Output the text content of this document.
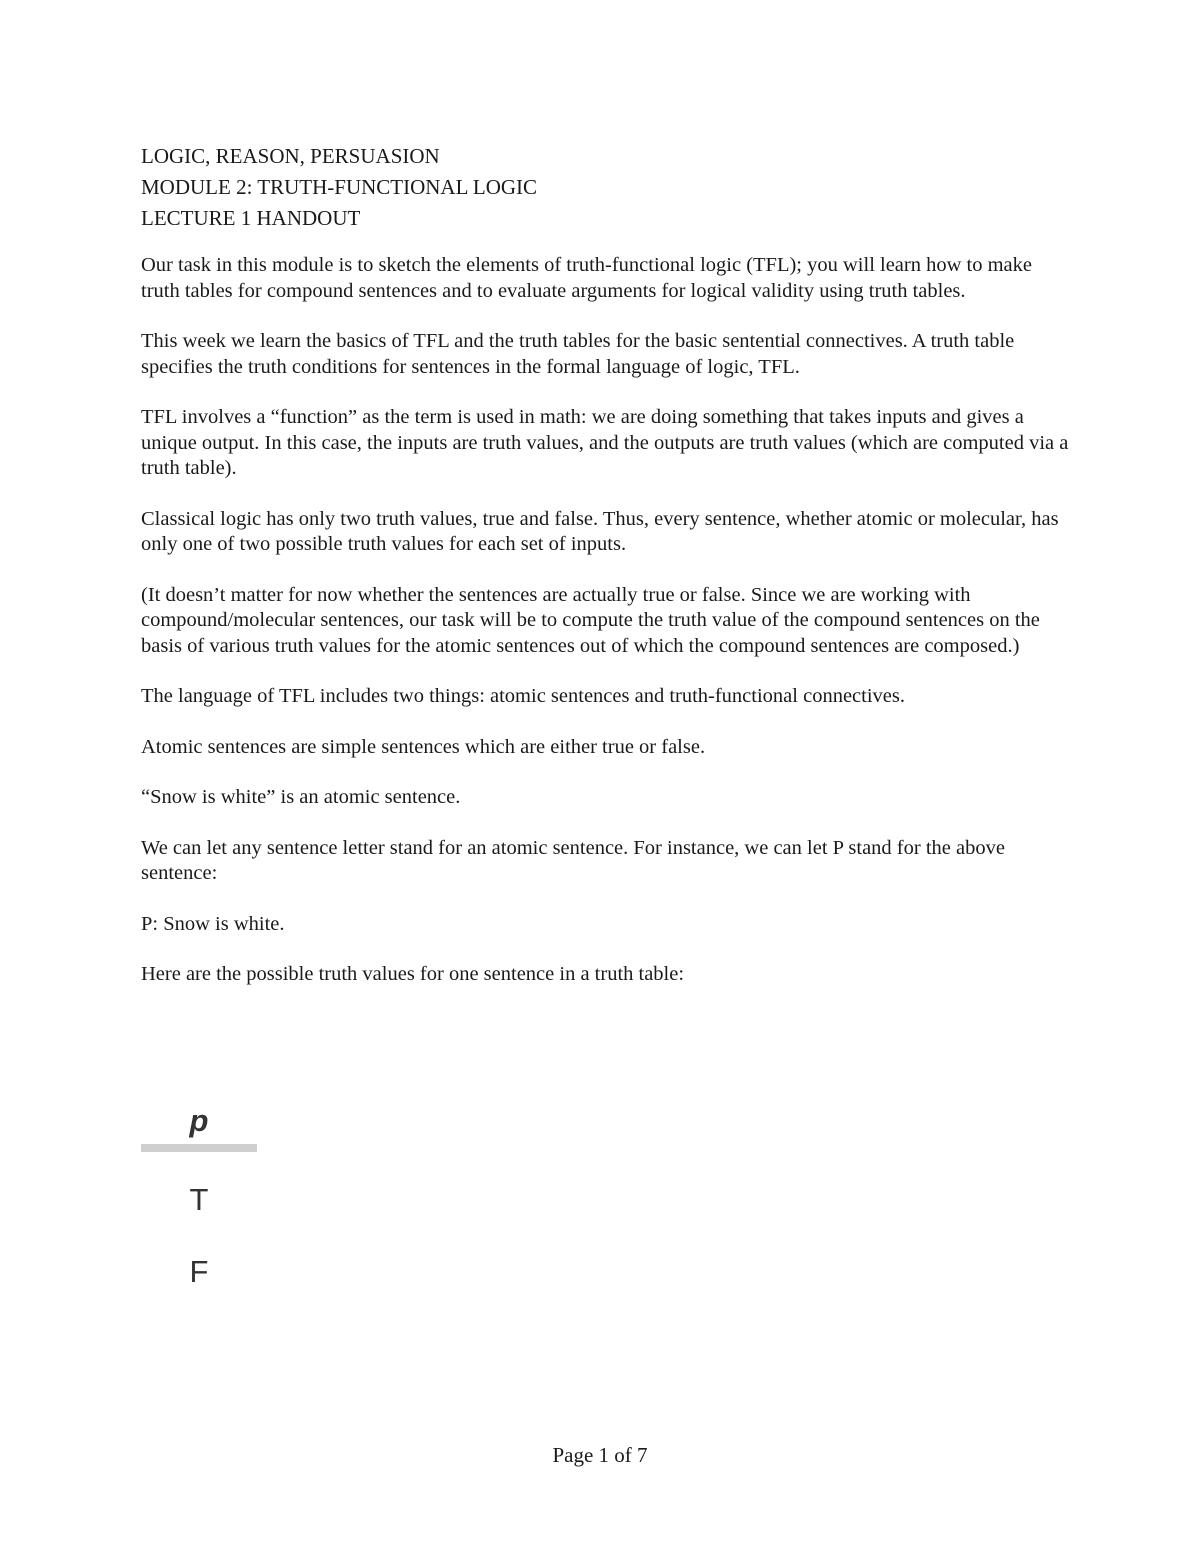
LOGIC, REASON, PERSUASION

MODULE 2: TRUTH-FUNCTIONAL LOGIC

LECTURE 1 HANDOUT

Our task in this module is to sketch the elements of truth-functional logic (TFL); you will learn how to make truth tables for compound sentences and to evaluate arguments for logical validity using truth tables.

This week we learn the basics of TFL and the truth tables for the basic sentential connectives. A truth table specifies the truth conditions for sentences in the formal language of logic, TFL.

TFL involves a “function” as the term is used in math: we are doing something that takes inputs and gives a unique output. In this case, the inputs are truth values, and the outputs are truth values (which are computed via a truth table).

Classical logic has only two truth values, true and false. Thus, every sentence, whether atomic or molecular, has only one of two possible truth values for each set of inputs.

(It doesn’t matter for now whether the sentences are actually true or false. Since we are working with compound/molecular sentences, our task will be to compute the truth value of the compound sentences on the basis of various truth values for the atomic sentences out of which the compound sentences are composed.)

The language of TFL includes two things: atomic sentences and truth-functional connectives.

Atomic sentences are simple sentences which are either true or false.

“Snow is white” is an atomic sentence.

We can let any sentence letter stand for an atomic sentence. For instance, we can let P stand for the above sentence:

P: Snow is white.

Here are the possible truth values for one sentence in a truth table:

p
T
F
Page 1 of 7
